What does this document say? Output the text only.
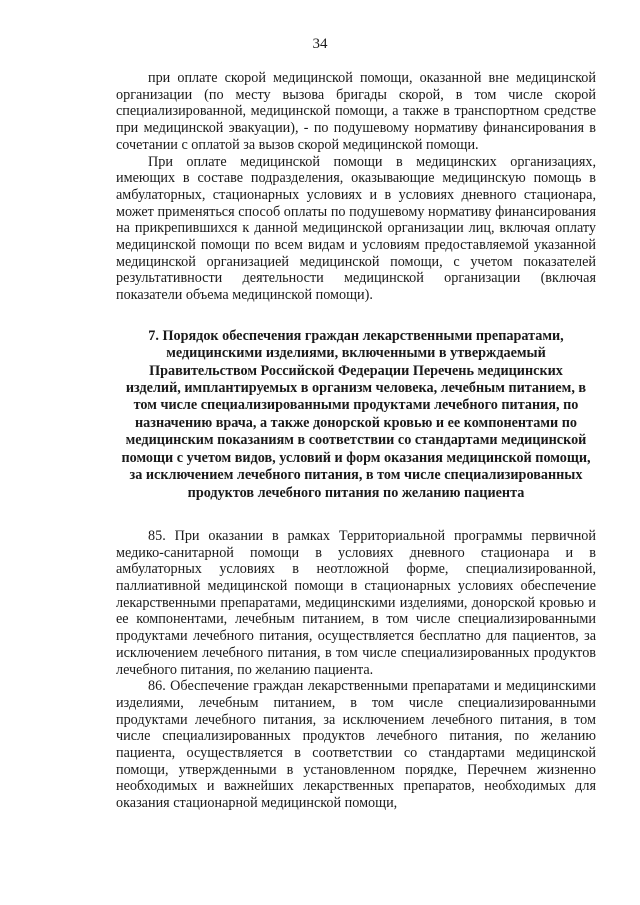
34

при оплате скорой медицинской помощи, оказанной вне медицинской организации (по месту вызова бригады скорой, в том числе скорой специализированной, медицинской помощи, а также в транспортном средстве при медицинской эвакуации), - по подушевому нормативу финансирования в сочетании с оплатой за вызов скорой медицинской помощи.

При оплате медицинской помощи в медицинских организациях, имеющих в составе подразделения, оказывающие медицинскую помощь в амбулаторных, стационарных условиях и в условиях дневного стационара, может применяться способ оплаты по подушевому нормативу финансирования на прикрепившихся к данной медицинской организации лиц, включая оплату медицинской помощи по всем видам и условиям предоставляемой указанной медицинской организацией медицинской помощи, с учетом показателей результативности деятельности медицинской организации (включая показатели объема медицинской помощи).

7. Порядок обеспечения граждан лекарственными препаратами, медицинскими изделиями, включенными в утверждаемый Правительством Российской Федерации Перечень медицинских изделий, имплантируемых в организм человека, лечебным питанием, в том числе специализированными продуктами лечебного питания, по назначению врача, а также донорской кровью и ее компонентами по медицинским показаниям в соответствии со стандартами медицинской помощи с учетом видов, условий и форм оказания медицинской помощи, за исключением лечебного питания, в том числе специализированных продуктов лечебного питания по желанию пациента

85. При оказании в рамках Территориальной программы первичной медико-санитарной помощи в условиях дневного стационара и в амбулаторных условиях в неотложной форме, специализированной, паллиативной медицинской помощи в стационарных условиях обеспечение лекарственными препаратами, медицинскими изделиями, донорской кровью и ее компонентами, лечебным питанием, в том числе специализированными продуктами лечебного питания, осуществляется бесплатно для пациентов, за исключением лечебного питания, в том числе специализированных продуктов лечебного питания, по желанию пациента.

86. Обеспечение граждан лекарственными препаратами и медицинскими изделиями, лечебным питанием, в том числе специализированными продуктами лечебного питания, за исключением лечебного питания, в том числе специализированных продуктов лечебного питания, по желанию пациента, осуществляется в соответствии со стандартами медицинской помощи, утвержденными в установленном порядке, Перечнем жизненно необходимых и важнейших лекарственных препаратов, необходимых для оказания стационарной медицинской помощи,
